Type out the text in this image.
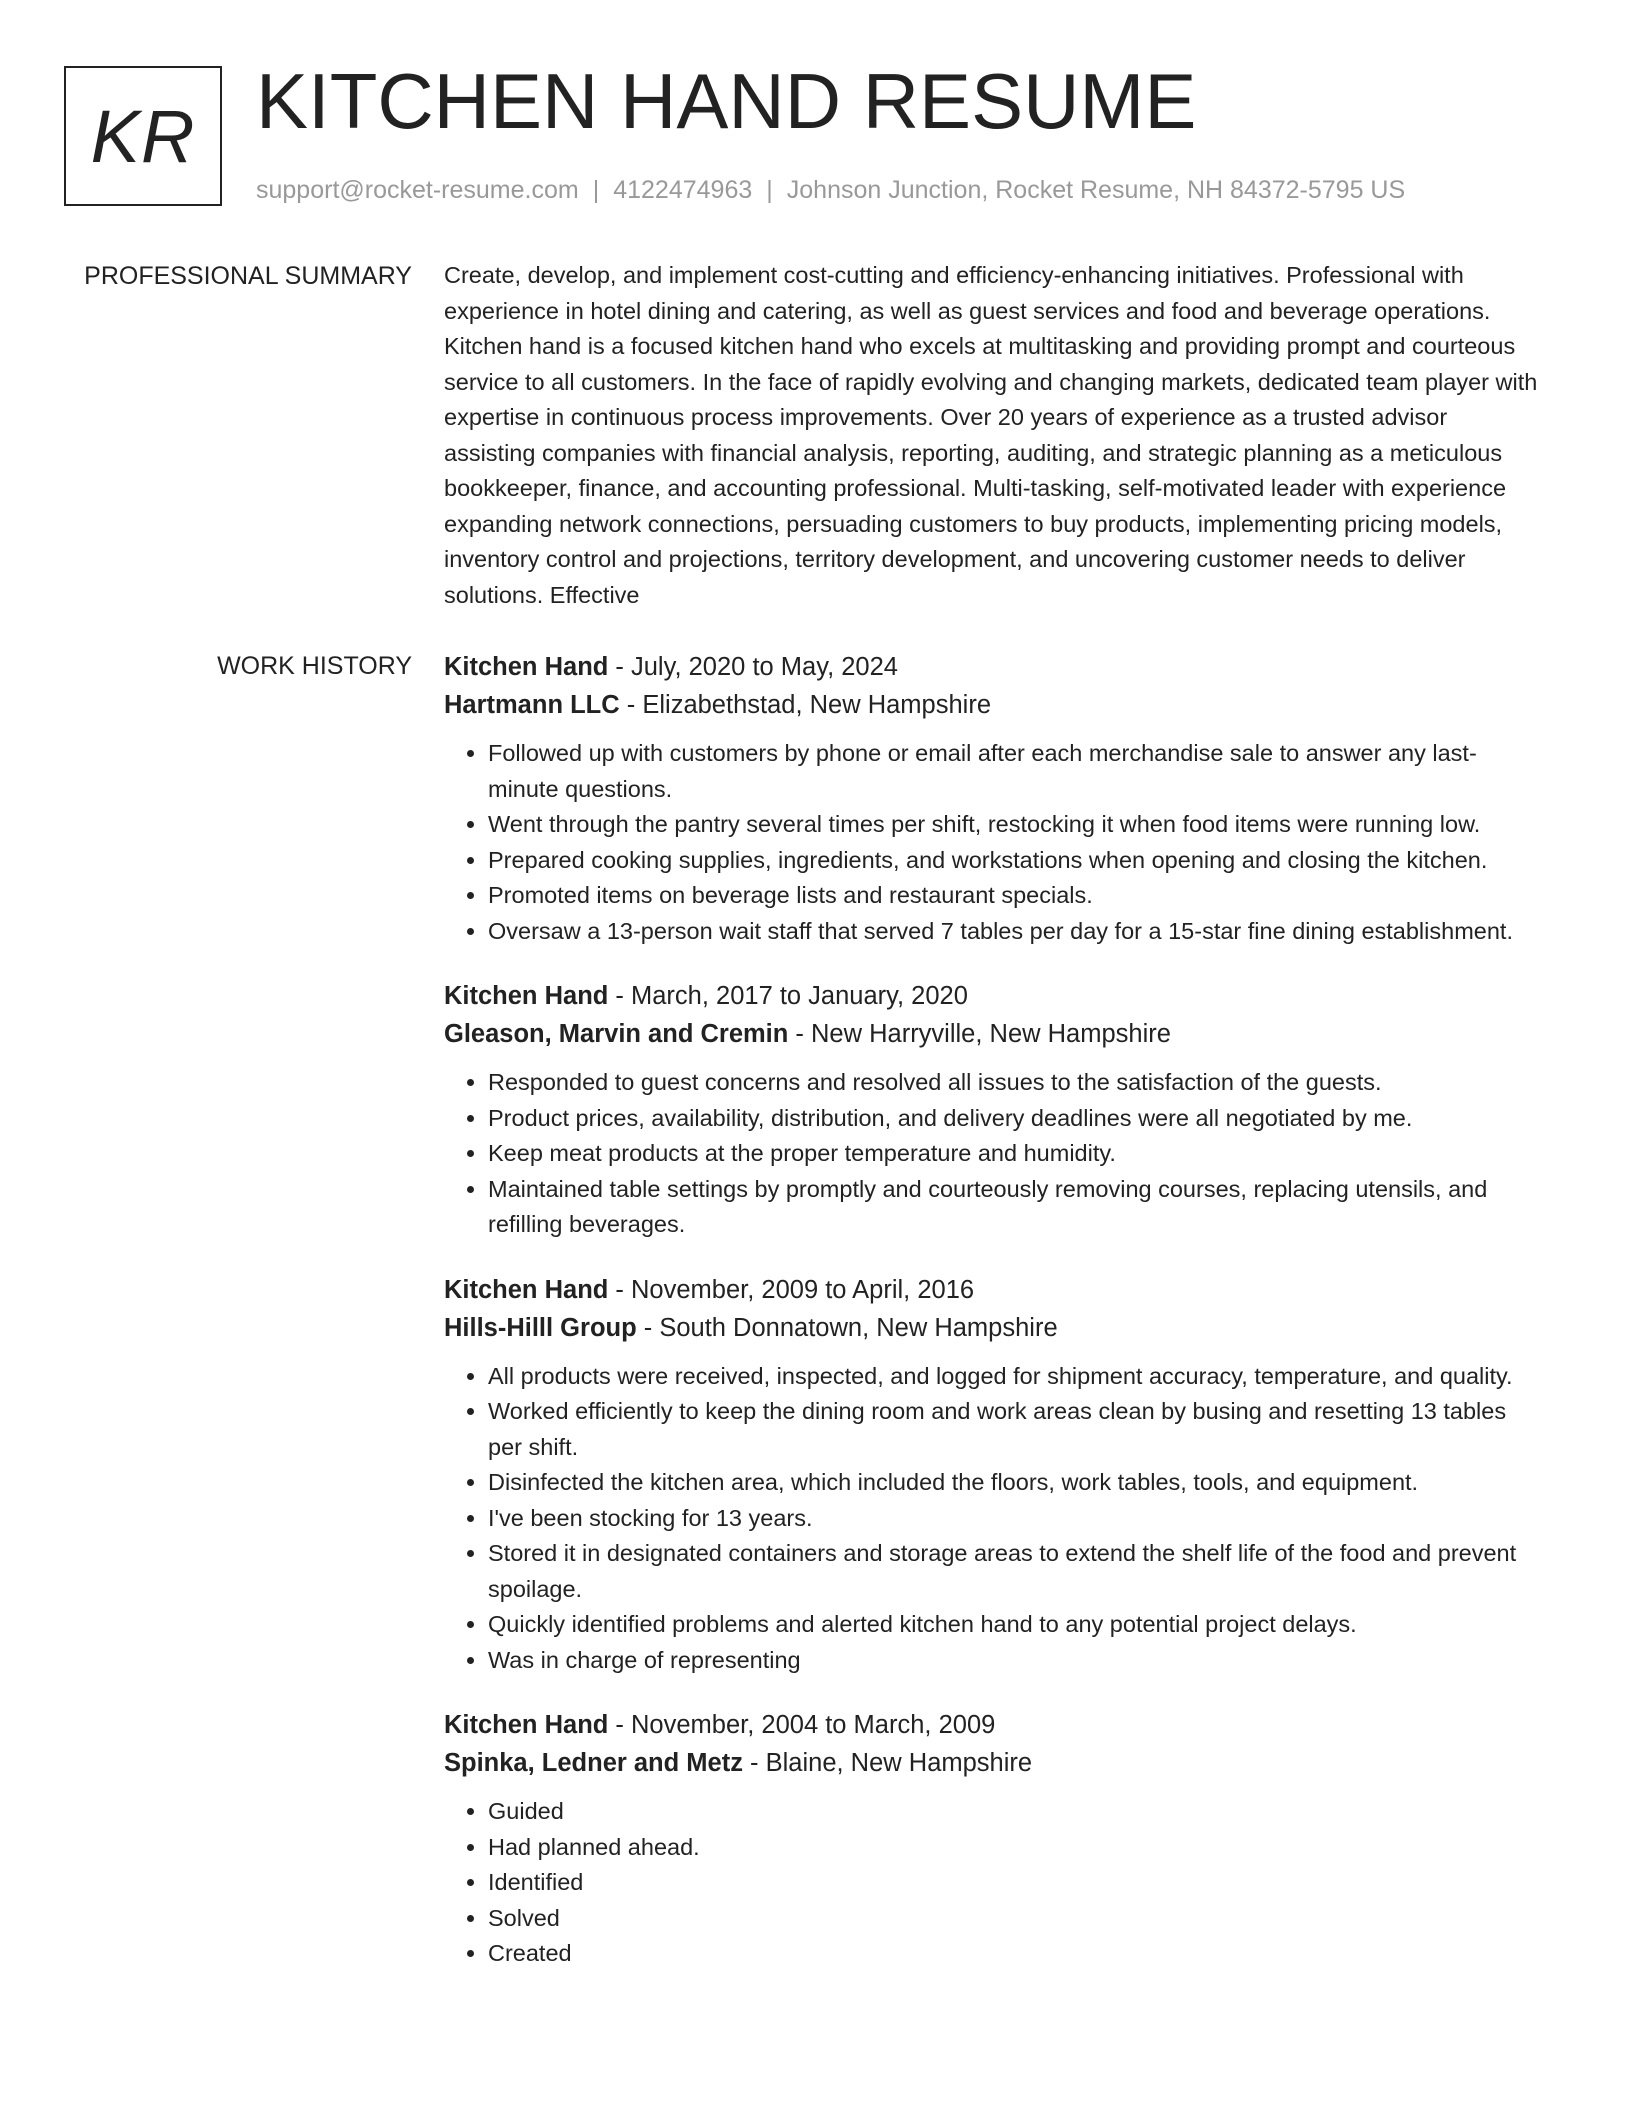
KR KITCHEN HAND RESUME
support@rocket-resume.com | 4122474963 | Johnson Junction, Rocket Resume, NH 84372-5795 US
PROFESSIONAL SUMMARY Create, develop, and implement cost-cutting and efficiency-enhancing initiatives. Professional with experience in hotel dining and catering, as well as guest services and food and beverage operations. Kitchen hand is a focused kitchen hand who excels at multitasking and providing prompt and courteous service to all customers. In the face of rapidly evolving and changing markets, dedicated team player with expertise in continuous process improvements. Over 20 years of experience as a trusted advisor assisting companies with financial analysis, reporting, auditing, and strategic planning as a meticulous bookkeeper, finance, and accounting professional. Multi-tasking, self-motivated leader with experience expanding network connections, persuading customers to buy products, implementing pricing models, inventory control and projections, territory development, and uncovering customer needs to deliver solutions. Effective

WORK HISTORY Kitchen Hand - July, 2020 to May, 2024
Hartmann LLC - Elizabethstad, New Hampshire
• Followed up with customers by phone or email after each merchandise sale to answer any last-minute questions.
• Went through the pantry several times per shift, restocking it when food items were running low.
• Prepared cooking supplies, ingredients, and workstations when opening and closing the kitchen.
• Promoted items on beverage lists and restaurant specials.
• Oversaw a 13-person wait staff that served 7 tables per day for a 15-star fine dining establishment.
Kitchen Hand - March, 2017 to January, 2020
Gleason, Marvin and Cremin - New Harryville, New Hampshire
• Responded to guest concerns and resolved all issues to the satisfaction of the guests.
• Product prices, availability, distribution, and delivery deadlines were all negotiated by me.
• Keep meat products at the proper temperature and humidity.
• Maintained table settings by promptly and courteously removing courses, replacing utensils, and refilling beverages.
Kitchen Hand - November, 2009 to April, 2016
Hills-Hilll Group - South Donnatown, New Hampshire
• All products were received, inspected, and logged for shipment accuracy, temperature, and quality.
• Worked efficiently to keep the dining room and work areas clean by busing and resetting 13 tables per shift.
• Disinfected the kitchen area, which included the floors, work tables, tools, and equipment.
• I've been stocking for 13 years.
• Stored it in designated containers and storage areas to extend the shelf life of the food and prevent spoilage.
• Quickly identified problems and alerted kitchen hand to any potential project delays.
• Was in charge of representing
Kitchen Hand - November, 2004 to March, 2009
Spinka, Ledner and Metz - Blaine, New Hampshire
• Guided
• Had planned ahead.
• Identified
• Solved
• Created
